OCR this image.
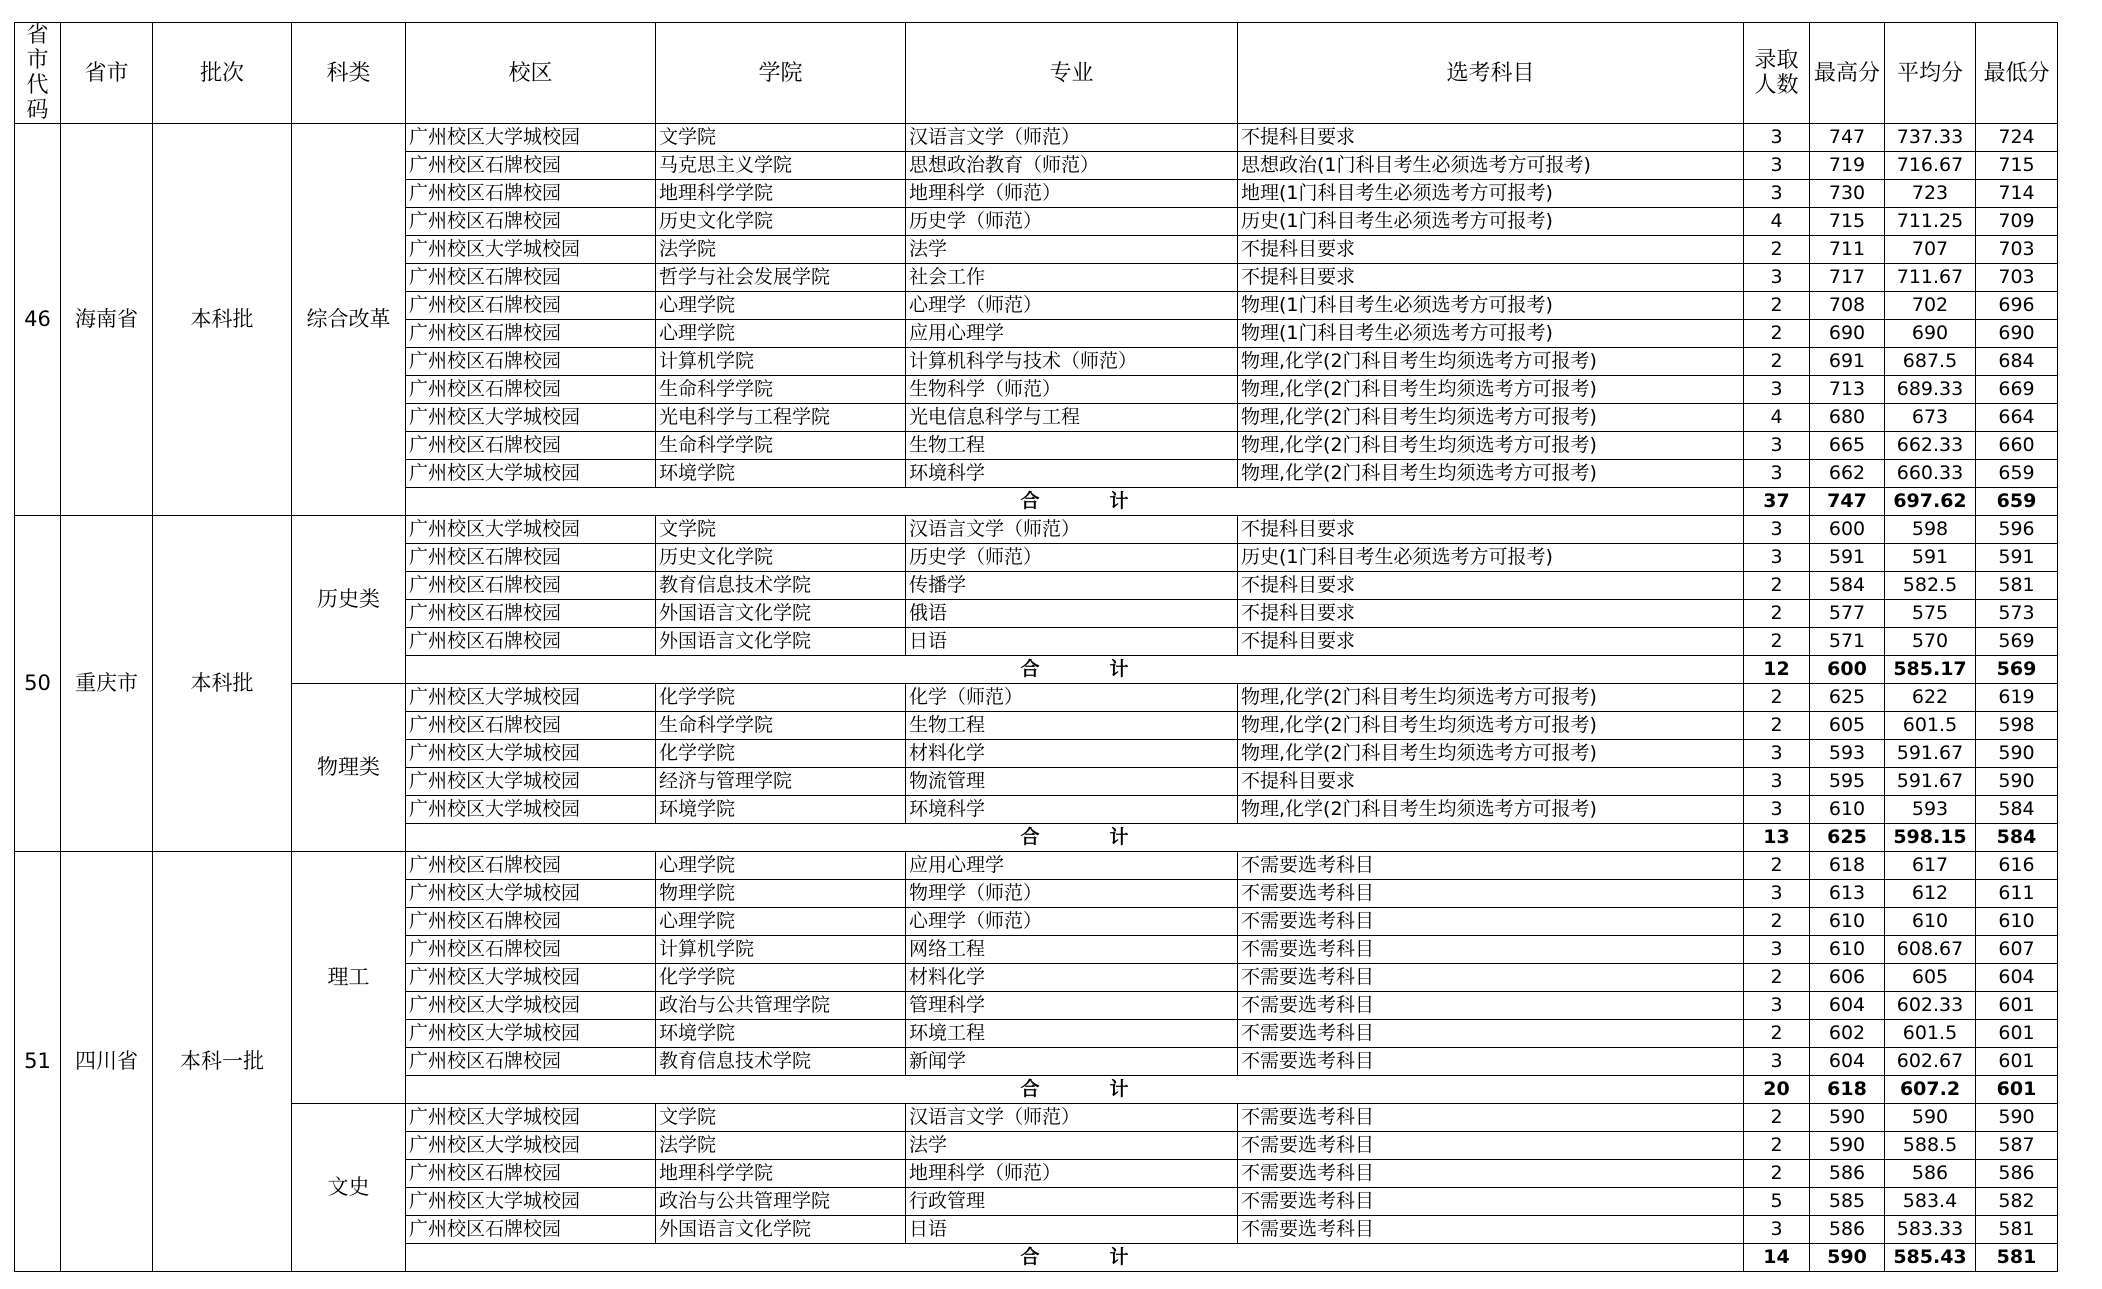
省市代码	省市	批次	科类	校区	学院	专业	选考科目	录取人数	最高分	平均分	最低分
46	海南省	本科批	综合改革	广州校区大学城校园	文学院	汉语言文学（师范）	不提科目要求	3	747	737.33	724
				广州校区石牌校园	马克思主义学院	思想政治教育（师范）	思想政治(1门科目考生必须选考方可报考)	3	719	716.67	715
				广州校区石牌校园	地理科学学院	地理科学（师范）	地理(1门科目考生必须选考方可报考)	3	730	723	714
				广州校区石牌校园	历史文化学院	历史学（师范）	历史(1门科目考生必须选考方可报考)	4	715	711.25	709
				广州校区大学城校园	法学院	法学	不提科目要求	2	711	707	703
				广州校区石牌校园	哲学与社会发展学院	社会工作	不提科目要求	3	717	711.67	703
				广州校区石牌校园	心理学院	心理学（师范）	物理(1门科目考生必须选考方可报考)	2	708	702	696
				广州校区石牌校园	心理学院	应用心理学	物理(1门科目考生必须选考方可报考)	2	690	690	690
				广州校区石牌校园	计算机学院	计算机科学与技术（师范）	物理,化学(2门科目考生均须选考方可报考)	2	691	687.5	684
				广州校区石牌校园	生命科学学院	生物科学（师范）	物理,化学(2门科目考生均须选考方可报考)	3	713	689.33	669
				广州校区大学城校园	光电科学与工程学院	光电信息科学与工程	物理,化学(2门科目考生均须选考方可报考)	4	680	673	664
				广州校区石牌校园	生命科学学院	生物工程	物理,化学(2门科目考生均须选考方可报考)	3	665	662.33	660
				广州校区大学城校园	环境学院	环境科学	物理,化学(2门科目考生均须选考方可报考)	3	662	660.33	659
				合 计				37	747	697.62	659
50	重庆市	本科批	历史类	广州校区大学城校园	文学院	汉语言文学（师范）	不提科目要求	3	600	598	596
				广州校区石牌校园	历史文化学院	历史学（师范）	历史(1门科目考生必须选考方可报考)	3	591	591	591
				广州校区石牌校园	教育信息技术学院	传播学	不提科目要求	2	584	582.5	581
				广州校区石牌校园	外国语言文化学院	俄语	不提科目要求	2	577	575	573
				广州校区石牌校园	外国语言文化学院	日语	不提科目要求	2	571	570	569
				合 计				12	600	585.17	569
			物理类	广州校区大学城校园	化学学院	化学（师范）	物理,化学(2门科目考生均须选考方可报考)	2	625	622	619
				广州校区石牌校园	生命科学学院	生物工程	物理,化学(2门科目考生均须选考方可报考)	2	605	601.5	598
				广州校区大学城校园	化学学院	材料化学	物理,化学(2门科目考生均须选考方可报考)	3	593	591.67	590
				广州校区大学城校园	经济与管理学院	物流管理	不提科目要求	3	595	591.67	590
				广州校区大学城校园	环境学院	环境科学	物理,化学(2门科目考生均须选考方可报考)	3	610	593	584
				合 计				13	625	598.15	584
51	四川省	本科一批	理工	广州校区石牌校园	心理学院	应用心理学	不需要选考科目	2	618	617	616
				广州校区大学城校园	物理学院	物理学（师范）	不需要选考科目	3	613	612	611
				广州校区石牌校园	心理学院	心理学（师范）	不需要选考科目	2	610	610	610
				广州校区石牌校园	计算机学院	网络工程	不需要选考科目	3	610	608.67	607
				广州校区大学城校园	化学学院	材料化学	不需要选考科目	2	606	605	604
				广州校区大学城校园	政治与公共管理学院	管理科学	不需要选考科目	3	604	602.33	601
				广州校区大学城校园	环境学院	环境工程	不需要选考科目	2	602	601.5	601
				广州校区石牌校园	教育信息技术学院	新闻学	不需要选考科目	3	604	602.67	601
				合 计				20	618	607.2	601
			文史	广州校区大学城校园	文学院	汉语言文学（师范）	不需要选考科目	2	590	590	590
				广州校区大学城校园	法学院	法学	不需要选考科目	2	590	588.5	587
				广州校区石牌校园	地理科学学院	地理科学（师范）	不需要选考科目	2	586	586	586
				广州校区大学城校园	政治与公共管理学院	行政管理	不需要选考科目	5	585	583.4	582
				广州校区石牌校园	外国语言文化学院	日语	不需要选考科目	3	586	583.33	581
				合 计				14	590	585.43	581
